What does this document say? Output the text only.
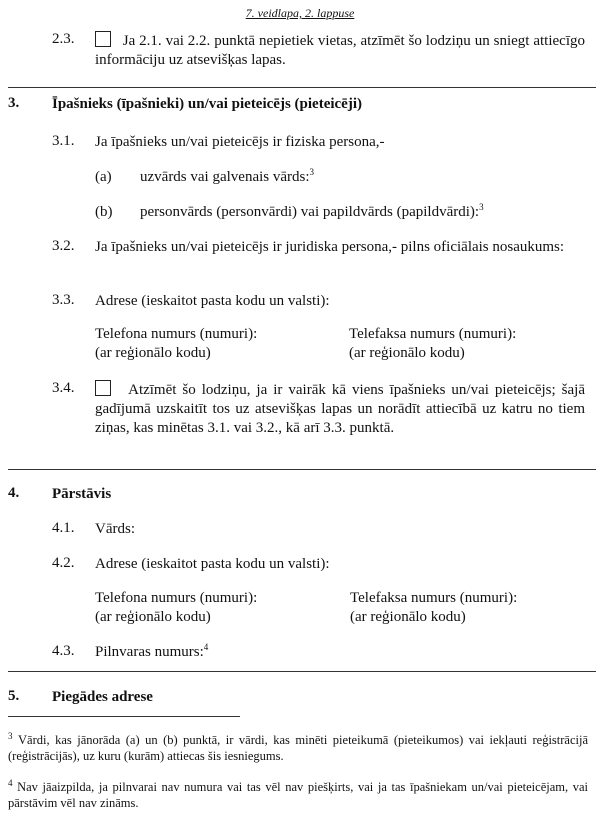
7. veidlapa, 2. lappuse
2.3.	Ja 2.1. vai 2.2. punktā nepietiek vietas, atzīmēt šo lodziņu un sniegt attiecīgo informāciju uz atsevišķas lapas.
3. Īpašnieks (īpašnieki) un/vai pieteicējs (pieteicēji)
3.1. Ja īpašnieks un/vai pieteicējs ir fiziska persona,-
(a) uzvārds vai galvenais vārds:$^3$
(b) personvārds (personvārdi) vai papildvārds (papildvārdi):$^3$
3.2. Ja īpašnieks un/vai pieteicējs ir juridiska persona,- pilns oficiālais nosaukums:
3.3. Adrese (ieskaitot pasta kodu un valsti):
Telefona numurs (numuri):
(ar reģionālo kodu)
Telefaksa numurs (numuri):
(ar reģionālo kodu)
3.4.	Atzīmēt šo lodziņu, ja ir vairāk kā viens īpašnieks un/vai pieteicējs; šajā gadījumā uzskaitīt tos uz atsevišķas lapas un norādīt attiecībā uz katru no tiem ziņas, kas minētas 3.1. vai 3.2., kā arī 3.3. punktā.
4. Pārstāvis
4.1. Vārds:
4.2. Adrese (ieskaitot pasta kodu un valsti):
Telefona numurs (numuri):
(ar reģionālo kodu)
Telefaksa numurs (numuri):
(ar reģionālo kodu)
4.3. Pilnvaras numurs:$^4$
5. Piegādes adrese
$^3$ Vārdi, kas jānorāda (a) un (b) punktā, ir vārdi, kas minēti pieteikumā (pieteikumos) vai iekļauti reģistrācijā (reģistrācijās), uz kuru (kurām) attiecas šis iesniegums.
$^4$ Nav jāaizpilda, ja pilnvarai nav numura vai tas vēl nav piešķirts, vai ja tas īpašniekam un/vai pieteicējam, vai pārstāvim vēl nav zināms.
